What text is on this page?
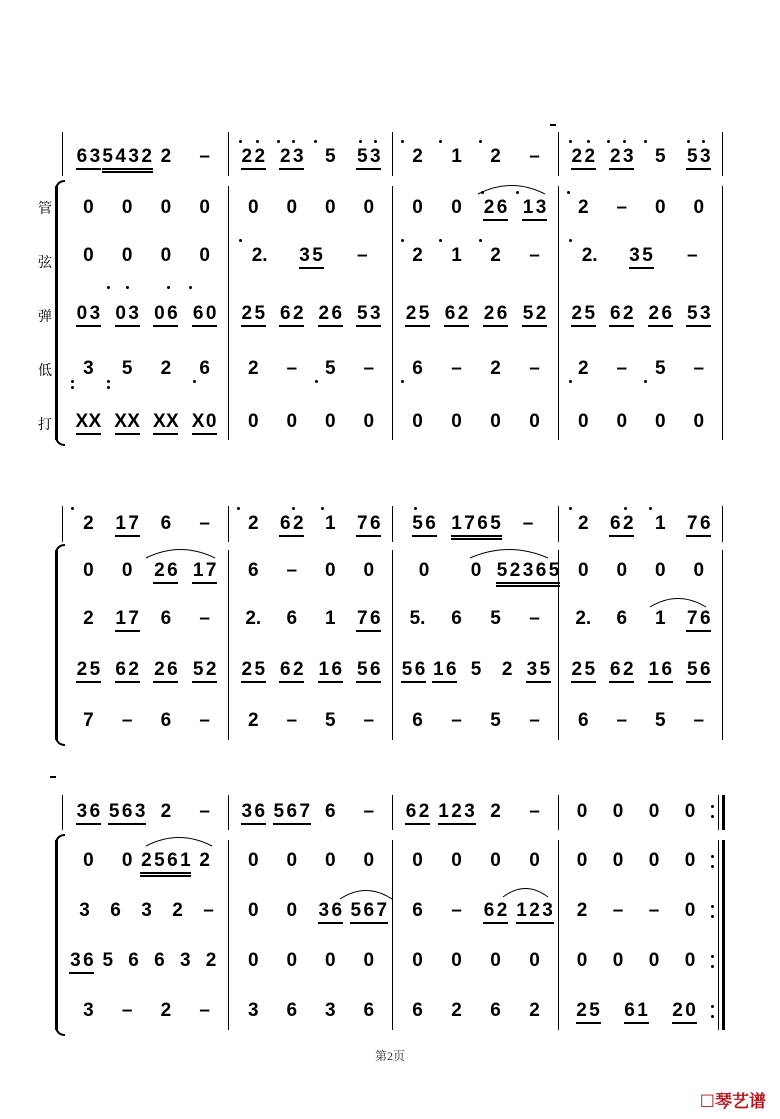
6 3 5 4 3 2 2 – 2 2 2 3 5 5 3 2 1 2 – 2 2 2 3 5 5 3
0 0 0 0 0 0 0 0 0 0 2 6 1 3 2 – 0 0
0 0 0 0 2. 3 5 – 2 1 2 – 2. 3 5 –
0 3 0 3 0 6 6 0 2 5 6 2 2 6 5 3 2 5 6 2 2 6 5 2 2 5 6 2 2 6 5 3
3 5 2 6 2 – 5 – 6 – 2 – 2 – 5 –
X X X X X X X 0 0 0 0 0 0 0 0 0 0 0 0 0
管
弦
弹
低
打
2 1 7 6 – 2 6 2 1 7 6 5 6 1 7 6 5 – 2 6 2 1 7 6
0 0 2 6 1 7 6 – 0 0 0 0 5 2 3 6 5 0 0 0 0
2 1 7 6 – 2. 6 1 7 6 5. 6 5 – 2. 6 1 7 6
2 5 6 2 2 6 5 2 2 5 6 2 1 6 5 6 5 6 1 6 5 2 3 5 2 5 6 2 1 6 5 6
7 – 6 – 2 – 5 – 6 – 5 – 6 – 5 –
3 6 5 6 3 2 – 3 6 5 6 7 6 – 6 2 1 2 3 2 – 0 0 0 0
0 0 2 5 6 1 2 0 0 0 0 0 0 0 0 0 0 0 0
3 6 3 2 – 0 0 3 6 5 6 7 6 – 6 2 1 2 3 2 – – 0
3 6 5 6 6 3 2 0 0 0 0 0 0 0 0 0 0 0 0
3 – 2 – 3 6 3 6 6 2 6 2 2 5 6 1 2 0
第2页
☐琴艺谱
